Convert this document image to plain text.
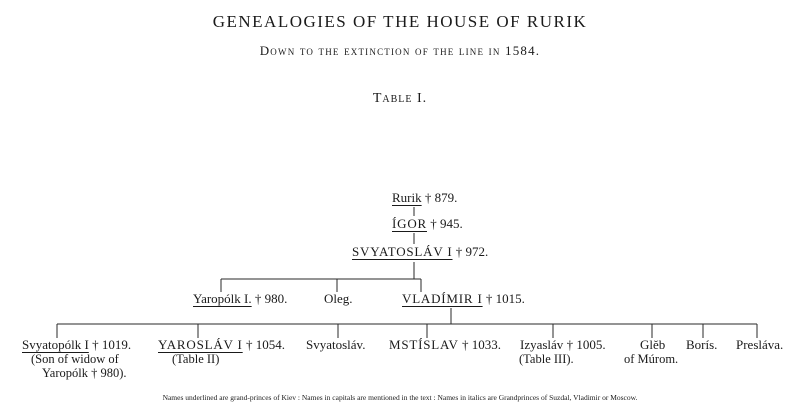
GENEALOGIES OF THE HOUSE OF RURIK
Down to the extinction of the line in 1584.
Table I.
Rurik † 879.
ÍGOR † 945.
SVYATOSLÁV I † 972.
Yaropólk I. † 980.	Oleg.	VLADÍMIR I † 1015.
Svyatopólk I † 1019.
(Son of widow of
Yaropólk † 980).
YAROSLÁV I † 1054.
(Table II)
Svyatosláv. MSTÍSLAV † 1033. Izyasláv † 1005.
(Table III).
Glĕb
of Múrom.
Borís. Presláva.
Names underlined are grand-princes of Kiev : Names in capitals are mentioned in the text : Names in italics are Grandprinces of Suzdal, Vladimir or Moscow.
